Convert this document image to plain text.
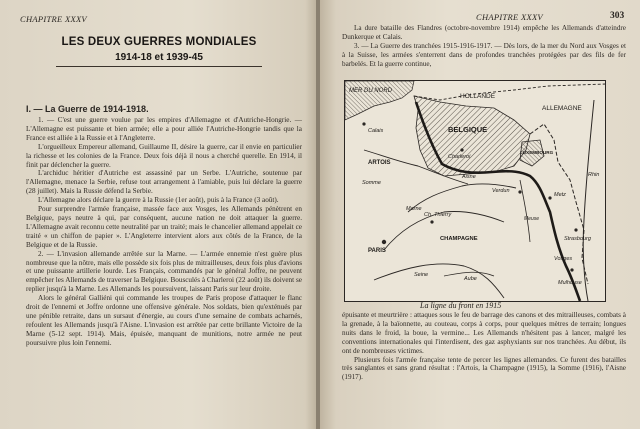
CHAPITRE XXXV
LES DEUX GUERRES MONDIALES
1914-18 et 1939-45
I. — La Guerre de 1914-1918.

1. — C'est une guerre voulue par les empires d'Allemagne et d'Autriche-Hongrie. — L'Allemagne est puissante et bien armée; elle a pour alliée l'Autriche-Hongrie tandis que la France est alliée à la Russie et à l'Angleterre.

L'orgueilleux Empereur allemand, Guillaume II, désire la guerre, car il envie en particulier la richesse et les colonies de la France. Deux fois déjà il nous a cherché querelle. En 1914, il finit par déclencher la guerre.

L'archiduc héritier d'Autriche est assassiné par un Serbe. L'Autriche, soutenue par l'Allemagne, menace la Serbie, refuse tout arrangement à l'amiable, puis lui déclare la guerre (28 juillet). Mais la Russie défend la Serbie.

L'Allemagne alors déclare la guerre à la Russie (1er août), puis à la France (3 août).

Pour surprendre l'armée française, massée face aux Vosges, les Allemands pénètrent en Belgique, pays neutre à qui, par conséquent, aucune nation ne doit attaquer la guerre. L'Allemagne avait reconnu cette neutralité par un traité; mais le chancelier allemand appelait ce traité « un chiffon de papier ». L'Angleterre intervient alors aux côtés de la France, de la Belgique et de la Russie.

2. — L'invasion allemande arrêtée sur la Marne. — L'armée ennemie n'est guère plus nombreuse que la nôtre, mais elle possède six fois plus de mitrailleuses, deux fois plus d'avions et une puissante artillerie lourde. Les Français, commandés par le général Joffre, ne peuvent empêcher les Allemands de traverser la Belgique. Bousculés à Charleroi (22 août) ils doivent se replier jusqu'à la Marne. Les Allemands les poursuivent, laissant Paris sur leur droite.

Alors le général Galliéni qui commande les troupes de Paris propose d'attaquer le flanc droit de l'ennemi et Joffre ordonne une offensive générale. Nos soldats, bien qu'exténués par une pénible retraite, dans un sursaut d'énergie, au cours d'une semaine de combats acharnés, refoulent les Allemands jusqu'à l'Aisne. L'invasion est arrêtée par cette brillante Victoire de la Marne (5-12 sept. 1914). Mais, épuisée, manquant de munitions, notre armée ne peut poursuivre plus loin l'ennemi.

CHAPITRE XXXV	303

La dure bataille des Flandres (octobre-novembre 1914) empêche les Allemands d'atteindre Dunkerque et Calais.

3. — La Guerre des tranchées 1915-1916-1917. — Dès lors, de la mer du Nord aux Vosges et à la Suisse, les armées s'enterrent dans de profondes tranchées protégées par des fils de fer barbelés. Et la guerre continue,

épuisante et meurtrière : attaques sous le feu de barrage des canons et des mitrailleuses, combats à la grenade, à la baïonnette, au couteau, corps à corps, pour quelques mètres de terrain; longues nuits dans le froid, la boue, la vermine... Les Allemands n'hésitent pas à lancer, malgré les conventions internationales qui l'interdisent, des gaz asphyxiants sur nos tranchées. Au début, ils ont de nombreuses victimes.

Plusieurs fois l'armée française tente de percer les lignes allemandes. Ce furent des batailles très sanglantes et sans grand résultat : l'Artois, la Champagne (1915), la Somme (1916), l'Aisne (1917).

MER DU NORD
HOLLANDE
ALLEMAGNE
BELGIQUE
LUXEMBOURG
Calais
ARTOIS
Somme
Aisne
Charleroi
Verdun
Metz
Strasbourg
PARIS
Marne
Ch. Thierry
CHAMPAGNE
Seine
Aube
Mulhouse
Rhin
Vosges
Meuse
La ligne du front en 1915
